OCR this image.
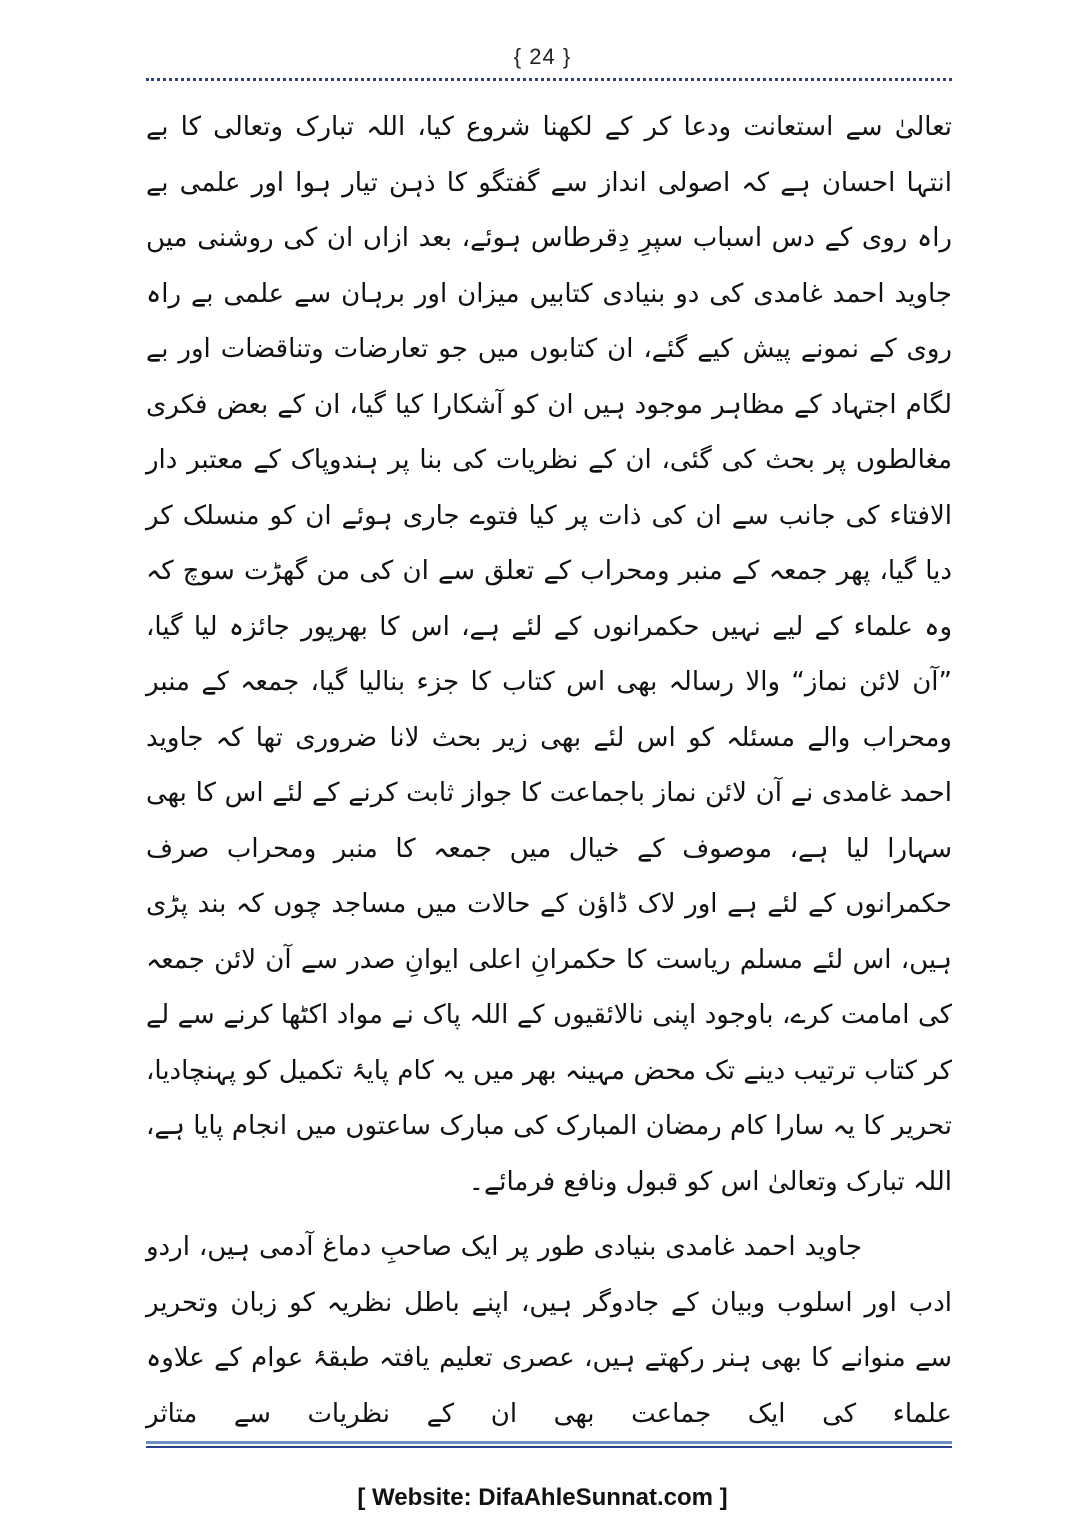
{ 24 }

تعالیٰ سے استعانت ودعا کر کے لکھنا شروع کیا، اللہ تبارک وتعالی کا بے انتہا احسان ہے کہ اصولی انداز سے گفتگو کا ذہن تیار ہوا اور علمی بے راہ روی کے دس اسباب سپرِ دِقرطاس ہوئے، بعد ازاں ان کی روشنی میں جاوید احمد غامدی کی دو بنیادی کتابیں میزان اور برہان سے علمی بے راہ روی کے نمونے پیش کیے گئے، ان کتابوں میں جو تعارضات وتناقضات اور بے لگام اجتہاد کے مظاہر موجود ہیں ان کو آشکارا کیا گیا، ان کے بعض فکری مغالطوں پر بحث کی گئی، ان کے نظریات کی بنا پر ہندوپاک کے معتبر دار الافتاء کی جانب سے ان کی ذات پر کیا فتوے جاری ہوئے ان کو منسلک کر دیا گیا، پھر جمعہ کے منبر ومحراب کے تعلق سے ان کی من گھڑت سوچ کہ وہ علماء کے لیے نہیں حکمرانوں کے لئے ہے، اس کا بھرپور جائزہ لیا گیا، ”آن لائن نماز“ والا رسالہ بھی اس کتاب کا جزء بنالیا گیا، جمعہ کے منبر ومحراب والے مسئلہ کو اس لئے بھی زیر بحث لانا ضروری تھا کہ جاوید احمد غامدی نے آن لائن نماز باجماعت کا جواز ثابت کرنے کے لئے اس کا بھی سہارا لیا ہے، موصوف کے خیال میں جمعہ کا منبر ومحراب صرف حکمرانوں کے لئے ہے اور لاک ڈاؤن کے حالات میں مساجد چوں کہ بند پڑی ہیں، اس لئے مسلم ریاست کا حکمرانِ اعلی ایوانِ صدر سے آن لائن جمعہ کی امامت کرے، باوجود اپنی نالائقیوں کے اللہ پاک نے مواد اکٹھا کرنے سے لے کر کتاب ترتیب دینے تک محض مہینہ بھر میں یہ کام پایۂ تکمیل کو پہنچادیا، تحریر کا یہ سارا کام رمضان المبارک کی مبارک ساعتوں میں انجام پایا ہے، اللہ تبارک وتعالیٰ اس کو قبول ونافع فرمائے۔

جاوید احمد غامدی بنیادی طور پر ایک صاحبِ دماغ آدمی ہیں، اردو ادب اور اسلوب وبیان کے جادوگر ہیں، اپنے باطل نظریہ کو زبان وتحریر سے منوانے کا بھی ہنر رکھتے ہیں، عصری تعلیم یافتہ طبقۂ عوام کے علاوہ علماء کی ایک جماعت بھی ان کے نظریات سے متاثر

[ Website: DifaAhleSunnat.com ]
